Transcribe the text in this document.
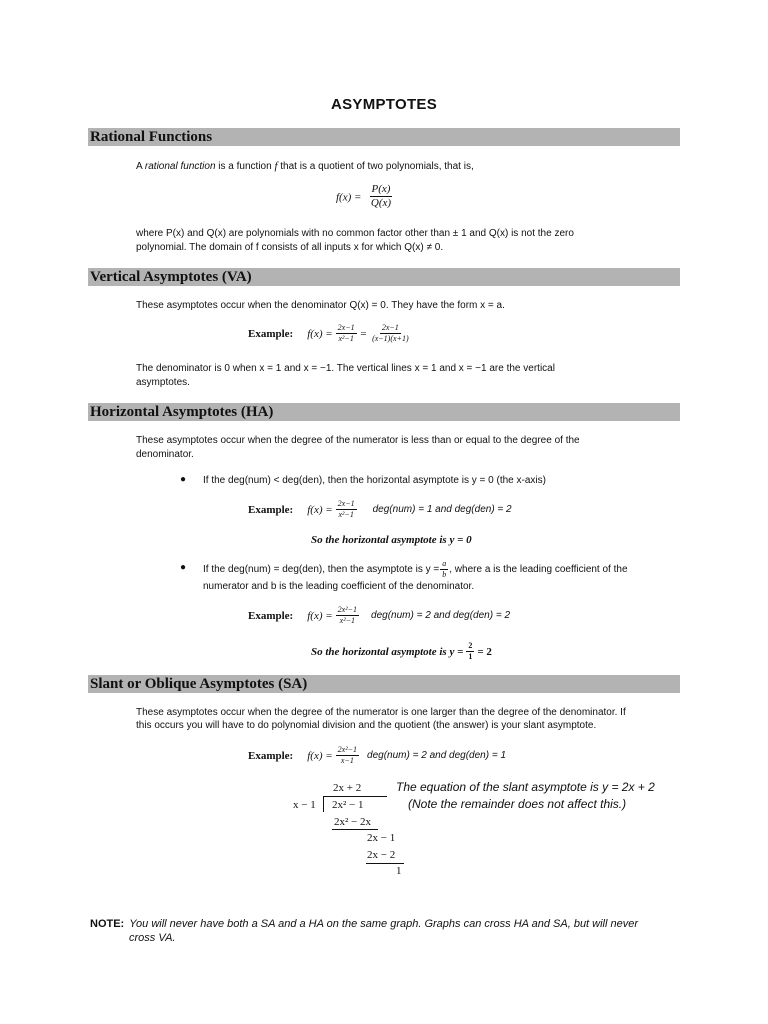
ASYMPTOTES
Rational Functions
A rational function is a function f that is a quotient of two polynomials, that is,
$f(x) = \frac{P(x)}{Q(x)}$
where P(x) and Q(x) are polynomials with no common factor other than ± 1 and Q(x) is not the zero
polynomial. The domain of f consists of all inputs x for which Q(x) ≠ 0.
Vertical Asymptotes (VA)
These asymptotes occur when the denominator Q(x) = 0. They have the form x = a.
Example: $f(x) = \frac{2x-1}{\text{x²−1}} = \frac{2x-1}{(x-1)(x+1)}$
The denominator is 0 when x = 1 and x = −1. The vertical lines x = 1 and x = −1 are the vertical
asymptotes.
Horizontal Asymptotes (HA)
These asymptotes occur when the degree of the numerator is less than or equal to the degree of the
denominator.
● If the deg(num) < deg(den), then the horizontal asymptote is y = 0 (the x-axis)
Example: $f(x) = \frac{2x-1}{\text{x²−1}} deg(num) = 1$ and deg(den) = 2
So the horizontal asymptote is y = 0
● If the deg(num) = deg(den), then the asymptote is $y = \frac{a}{b}$ , where a is the leading coefficient of the
numerator and b is the leading coefficient of the denominator.
Example: $f(x) = \frac{\text{2x²−1}}{\text{x²−1}} deg(num) = 2$ and deg(den) = 2
So the horizontal asymptote is $y = \frac{2}{1} = 2$
Slant or Oblique Asymptotes (SA)
These asymptotes occur when the degree of the numerator is one larger than the degree of the denominator. If
this occurs you will have to do polynomial division and the quotient (the answer) is your slant asymptote.
Example: $f(x) = \frac{\text{2x²−1}}{x-1} deg(num) = 2$ and deg(den) = 1
2x + 2
x − 1 2x² − 1
2x² − 2x
2x − 1
2x − 2
1
The equation of the slant asymptote is y = 2x + 2
(Note the remainder does not affect this.)
NOTE: You will never have both a SA and a HA on the same graph. Graphs can cross HA and SA, but will never
cross VA.
